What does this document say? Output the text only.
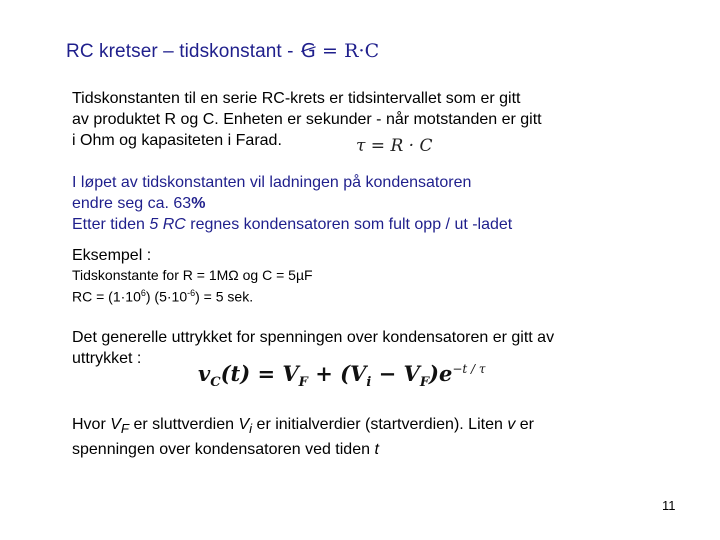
RC kretser – tidskonstant - Ꞡ = R·C
Tidskonstanten til en serie RC-krets er tidsintervallet som er gitt
av produktet R og C. Enheten er sekunder - når motstanden er gitt
i Ohm og kapasiteten i Farad.	τ = R · C
I løpet av tidskonstanten vil ladningen på kondensatoren
endre seg ca. 63%
Etter tiden 5 RC regnes kondensatoren som fult opp / ut -ladet
Eksempel :
Tidskonstante for R = 1MΩ og C = 5µF
RC = $(1\cdot 10^6) (5\cdot 10^{-6}) = 5$ sek.
Det generelle uttrykket for spenningen over kondensatoren er gitt av
uttrykket :
$v_C(t) = V_F + (V_i - V_F)e^{-t / \tau}$
Hvor $V_F$ er sluttverdien $V_i$ er initialverdier (startverdien). Liten v er
spenningen over kondensatoren ved tiden t
11
